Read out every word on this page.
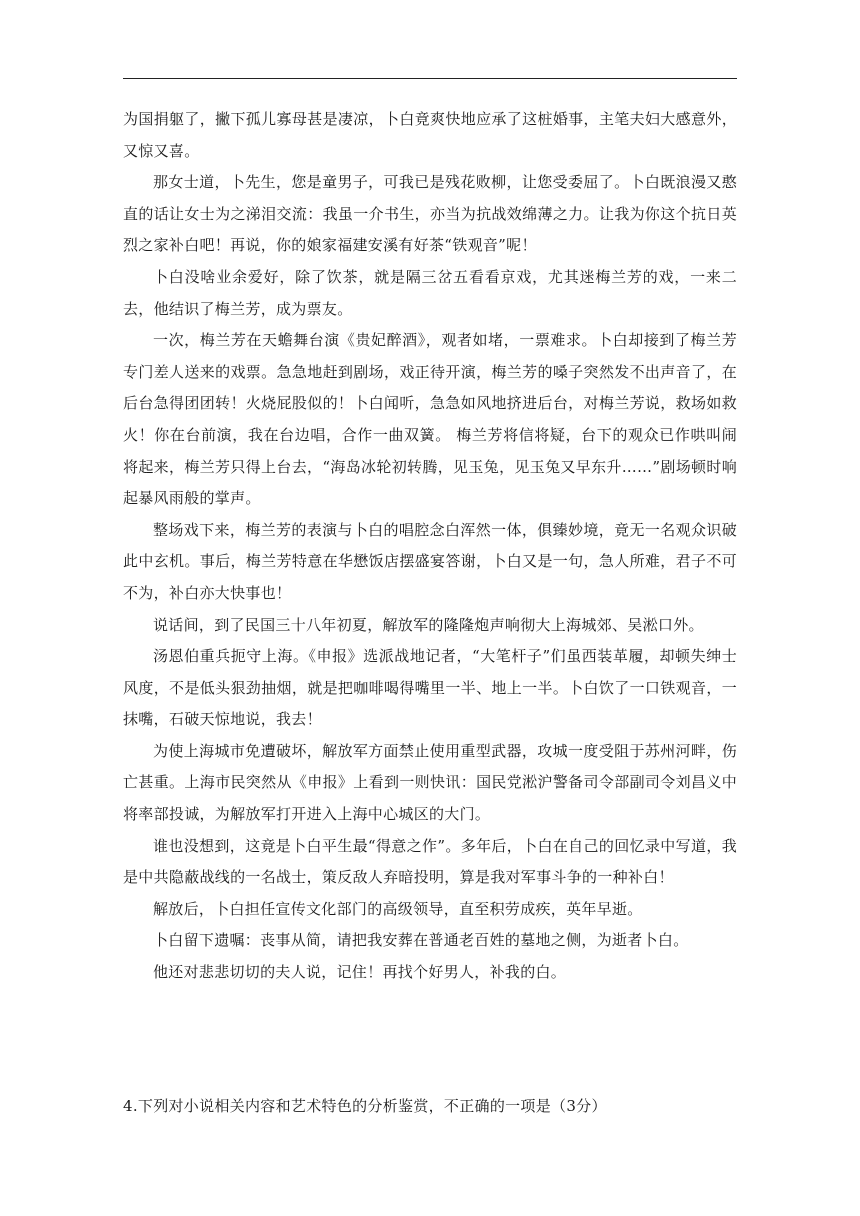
为国捐躯了，撇下孤儿寡母甚是凄凉，卜白竟爽快地应承了这桩婚事，主笔夫妇大感意外，又惊又喜。

那女士道，卜先生，您是童男子，可我已是残花败柳，让您受委屈了。卜白既浪漫又憨直的话让女士为之涕泪交流：我虽一介书生，亦当为抗战效绵薄之力。让我为你这个抗日英烈之家补白吧！再说，你的娘家福建安溪有好茶“铁观音”呢！

卜白没啥业余爱好，除了饮茶，就是隔三岔五看看京戏，尤其迷梅兰芳的戏，一来二去，他结识了梅兰芳，成为票友。

一次，梅兰芳在天蟾舞台演《贵妃醉酒》，观者如堵，一票难求。卜白却接到了梅兰芳专门差人送来的戏票。急急地赶到剧场，戏正待开演，梅兰芳的嗓子突然发不出声音了，在后台急得团团转！火烧屁股似的！卜白闻听，急急如风地挤进后台，对梅兰芳说，救场如救火！你在台前演，我在台边唱，合作一曲双簧。 梅兰芳将信将疑，台下的观众已作哄叫闹将起来，梅兰芳只得上台去，“海岛冰轮初转腾，见玉兔，见玉兔又早东升……”剧场顿时响起暴风雨般的掌声。

整场戏下来，梅兰芳的表演与卜白的唱腔念白浑然一体，俱臻妙境，竟无一名观众识破此中玄机。事后，梅兰芳特意在华懋饭店摆盛宴答谢，卜白又是一句，急人所难，君子不可不为，补白亦大快事也！

说话间，到了民国三十八年初夏，解放军的隆隆炮声响彻大上海城郊、吴淞口外。

汤恩伯重兵扼守上海。《申报》选派战地记者，“大笔杆子”们虽西装革履，却顿失绅士风度，不是低头狠劲抽烟，就是把咖啡喝得嘴里一半、地上一半。卜白饮了一口铁观音，一抹嘴，石破天惊地说，我去！

为使上海城市免遭破坏，解放军方面禁止使用重型武器，攻城一度受阻于苏州河畔，伤亡甚重。上海市民突然从《申报》上看到一则快讯：国民党淞沪警备司令部副司令刘昌义中将率部投诚，为解放军打开进入上海中心城区的大门。

谁也没想到，这竟是卜白平生最“得意之作”。多年后，卜白在自己的回忆录中写道，我是中共隐蔽战线的一名战士，策反敌人弃暗投明，算是我对军事斗争的一种补白！

解放后，卜白担任宣传文化部门的高级领导，直至积劳成疾，英年早逝。

卜白留下遗嘱：丧事从简，请把我安葬在普通老百姓的墓地之侧，为逝者卜白。

他还对悲悲切切的夫人说，记住！再找个好男人，补我的白。

4.下列对小说相关内容和艺术特色的分析鉴赏，不正确的一项是（3分）
